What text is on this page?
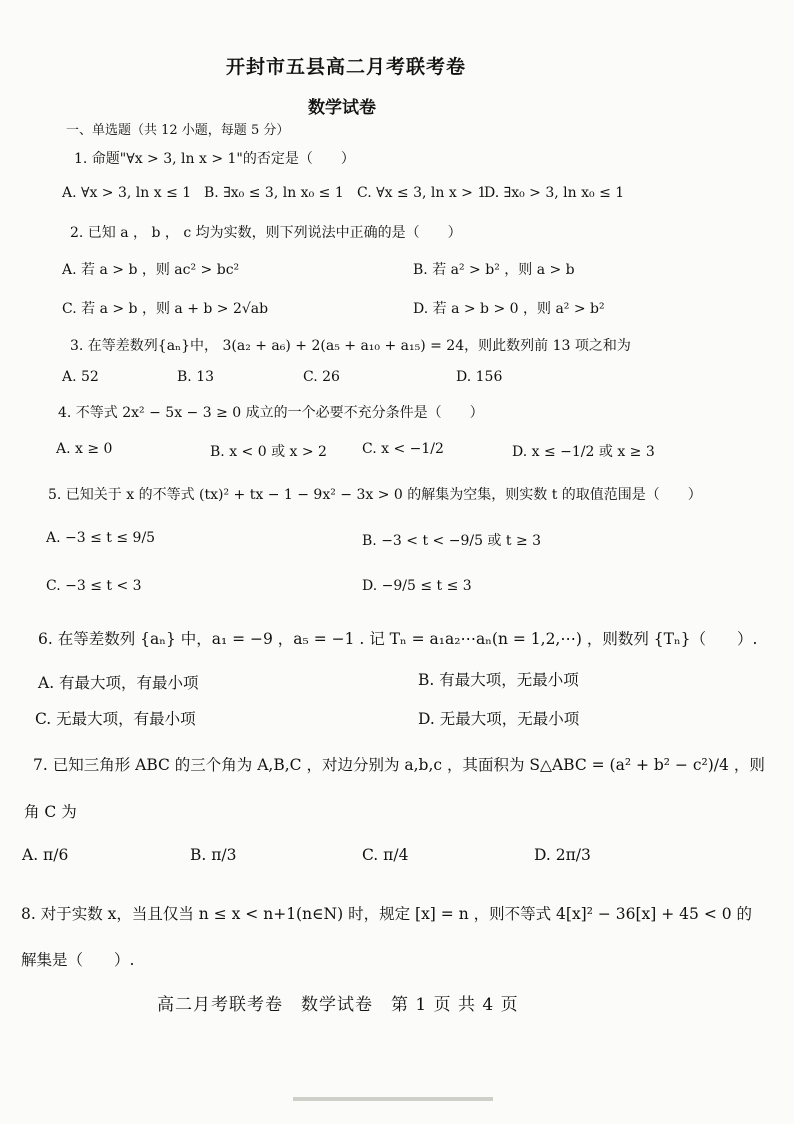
开封市五县高二月考联考卷
数学试卷
一、单选题（共 12 小题，每题 5 分）
1. 命题"∀x > 3, ln x > 1"的否定是（　　）
A. ∀x > 3, ln x ≤ 1 B. ∃x₀ ≤ 3, ln x₀ ≤ 1 C. ∀x ≤ 3, ln x > 1
D. ∃x₀ > 3, ln x₀ ≤ 1
2. 已知 a ， b ， c 均为实数，则下列说法中正确的是（　　）
A. 若 a > b ，则 ac² > bc²	B. 若 a² > b² ，则 a > b
C. 若 a > b ，则 a + b > 2√ab	D. 若 a > b > 0 ，则 a² > b²
3. 在等差数列{aₙ}中， 3(a₂ + a₆) + 2(a₅ + a₁₀ + a₁₅) = 24，则此数列前 13 项之和为
A. 52	B. 13	C. 26	D. 156
4. 不等式 2x² − 5x − 3 ≥ 0 成立的一个必要不充分条件是（　　）
A. x ≥ 0	B. x < 0 或 x > 2	C. x < −1/2	D. x ≤ −1/2 或 x ≥ 3
5. 已知关于 x 的不等式 (tx)² + tx − 1 − 9x² − 3x > 0 的解集为空集，则实数 t 的取值范围是（　　）
A. −3 ≤ t ≤ 9/5	B. −3 < t < −9/5 或 t ≥ 3
C. −3 ≤ t < 3	D. −9/5 ≤ t ≤ 3
6. 在等差数列 {aₙ} 中，a₁ = −9 ，a₅ = −1 . 记 Tₙ = a₁a₂⋯aₙ(n = 1,2,⋯) ，则数列 {Tₙ}（　　）.
A. 有最大项，有最小项	B. 有最大项，无最小项
C. 无最大项，有最小项	D. 无最大项，无最小项
7. 已知三角形 ABC 的三个角为 A,B,C ，对边分别为 a,b,c ，其面积为 S△ABC = (a² + b² − c²)/4 ，则
角 C 为
A. π/6	B. π/3	C. π/4	D. 2π/3
8. 对于实数 x，当且仅当 n ≤ x < n+1(n∈N) 时，规定 [x] = n ，则不等式 4[x]² − 36[x] + 45 < 0 的
解集是（　　）.
高二月考联考卷　数学试卷　第 1 页 共 4 页
